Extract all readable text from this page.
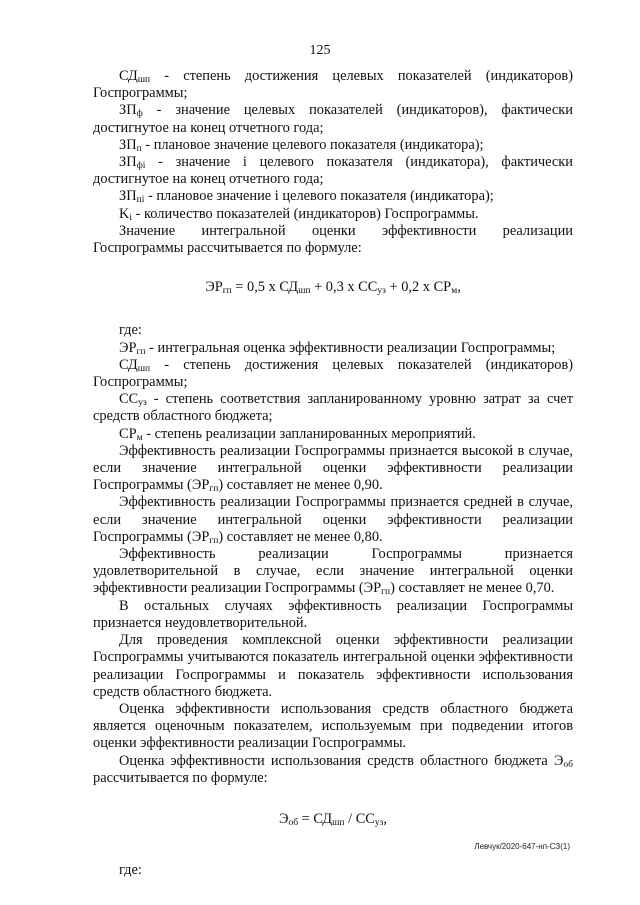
125

$СД_{шп}$ - степень достижения целевых показателей (индикаторов) Госпрограммы;

$ЗП_ф$ - значение целевых показателей (индикаторов), фактически достигнутое на конец отчетного года;

$ЗП_п$ - плановое значение целевого показателя (индикатора);

$ЗП_{фi}$ - значение i целевого показателя (индикатора), фактически достигнутое на конец отчетного года;

$ЗП_{пi}$ - плановое значение i целевого показателя (индикатора);

$K_i$ - количество показателей (индикаторов) Госпрограммы.

Значение интегральной оценки эффективности реализации Госпрограммы рассчитывается по формуле:

$ЭР_{гп} = 0,5$ x $СД_{шп} + 0,3$ x $СС_{уз} + 0,2$ x $СР_м$,

где:

$ЭР_{гп}$ - интегральная оценка эффективности реализации Госпрограммы;

$СД_{шп}$ - степень достижения целевых показателей (индикаторов) Госпрограммы;

$СС_{уз}$ - степень соответствия запланированному уровню затрат за счет средств областного бюджета;

$СР_м$ - степень реализации запланированных мероприятий.

Эффективность реализации Госпрограммы признается высокой в случае, если значение интегральной оценки эффективности реализации Госпрограммы $(ЭР_{гп})$ составляет не менее 0,90.

Эффективность реализации Госпрограммы признается средней в случае, если значение интегральной оценки эффективности реализации Госпрограммы $(ЭР_{гп})$ составляет не менее 0,80.

Эффективность реализации Госпрограммы признается удовлетворительной в случае, если значение интегральной оценки эффективности реализации Госпрограммы $(ЭР_{гп})$ составляет не менее 0,70.

В остальных случаях эффективность реализации Госпрограммы признается неудовлетворительной.

Для проведения комплексной оценки эффективности реализации Госпрограммы учитываются показатель интегральной оценки эффективности реализации Госпрограммы и показатель эффективности использования средств областного бюджета.

Оценка эффективности использования средств областного бюджета является оценочным показателем, используемым при подведении итогов оценки эффективности реализации Госпрограммы.

Оценка эффективности использования средств областного бюджета $Э_{об}$ рассчитывается по формуле:

$Э_{об} = СД_{шп} / СС_{уз}$,

где:

Левчук/2020-647-нп-СЗ(1)
